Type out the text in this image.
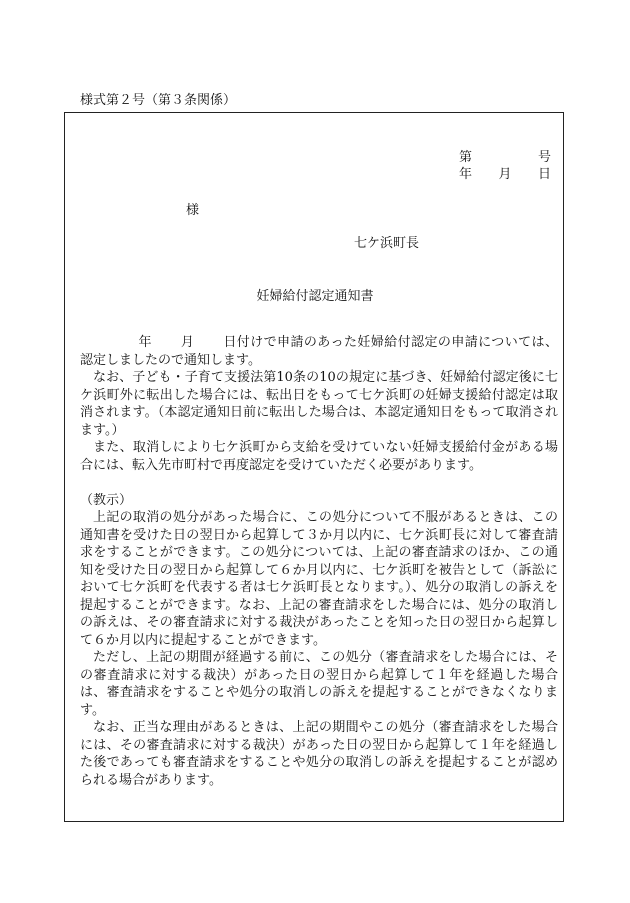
様式第２号（第３条関係）
第	号
年 月 日
様
七ケ浜町長
妊婦給付認定通知書

年 月 日付けで申請のあった妊婦給付認定の申請については、認定しましたので通知します。

なお、子ども・子育て支援法第10条の10の規定に基づき、妊婦給付認定後に七ケ浜町外に転出した場合には、転出日をもって七ケ浜町の妊婦支援給付認定は取消されます。（本認定通知日前に転出した場合は、本認定通知日をもって取消されます。）

また、取消しにより七ケ浜町から支給を受けていない妊婦支援給付金がある場合には、転入先市町村で再度認定を受けていただく必要があります。

（教示）

上記の取消の処分があった場合に、この処分について不服があるときは、この通知書を受けた日の翌日から起算して３か月以内に、七ケ浜町長に対して審査請求をすることができます。この処分については、上記の審査請求のほか、この通知を受けた日の翌日から起算して６か月以内に、七ケ浜町を被告として（訴訟において七ケ浜町を代表する者は七ケ浜町長となります。）、処分の取消しの訴えを提起することができます。なお、上記の審査請求をした場合には、処分の取消しの訴えは、その審査請求に対する裁決があったことを知った日の翌日から起算して６か月以内に提起することができます。

ただし、上記の期間が経過する前に、この処分（審査請求をした場合には、その審査請求に対する裁決）があった日の翌日から起算して１年を経過した場合は、審査請求をすることや処分の取消しの訴えを提起することができなくなります。

なお、正当な理由があるときは、上記の期間やこの処分（審査請求をした場合には、その審査請求に対する裁決）があった日の翌日から起算して１年を経過した後であっても審査請求をすることや処分の取消しの訴えを提起することが認められる場合があります。
